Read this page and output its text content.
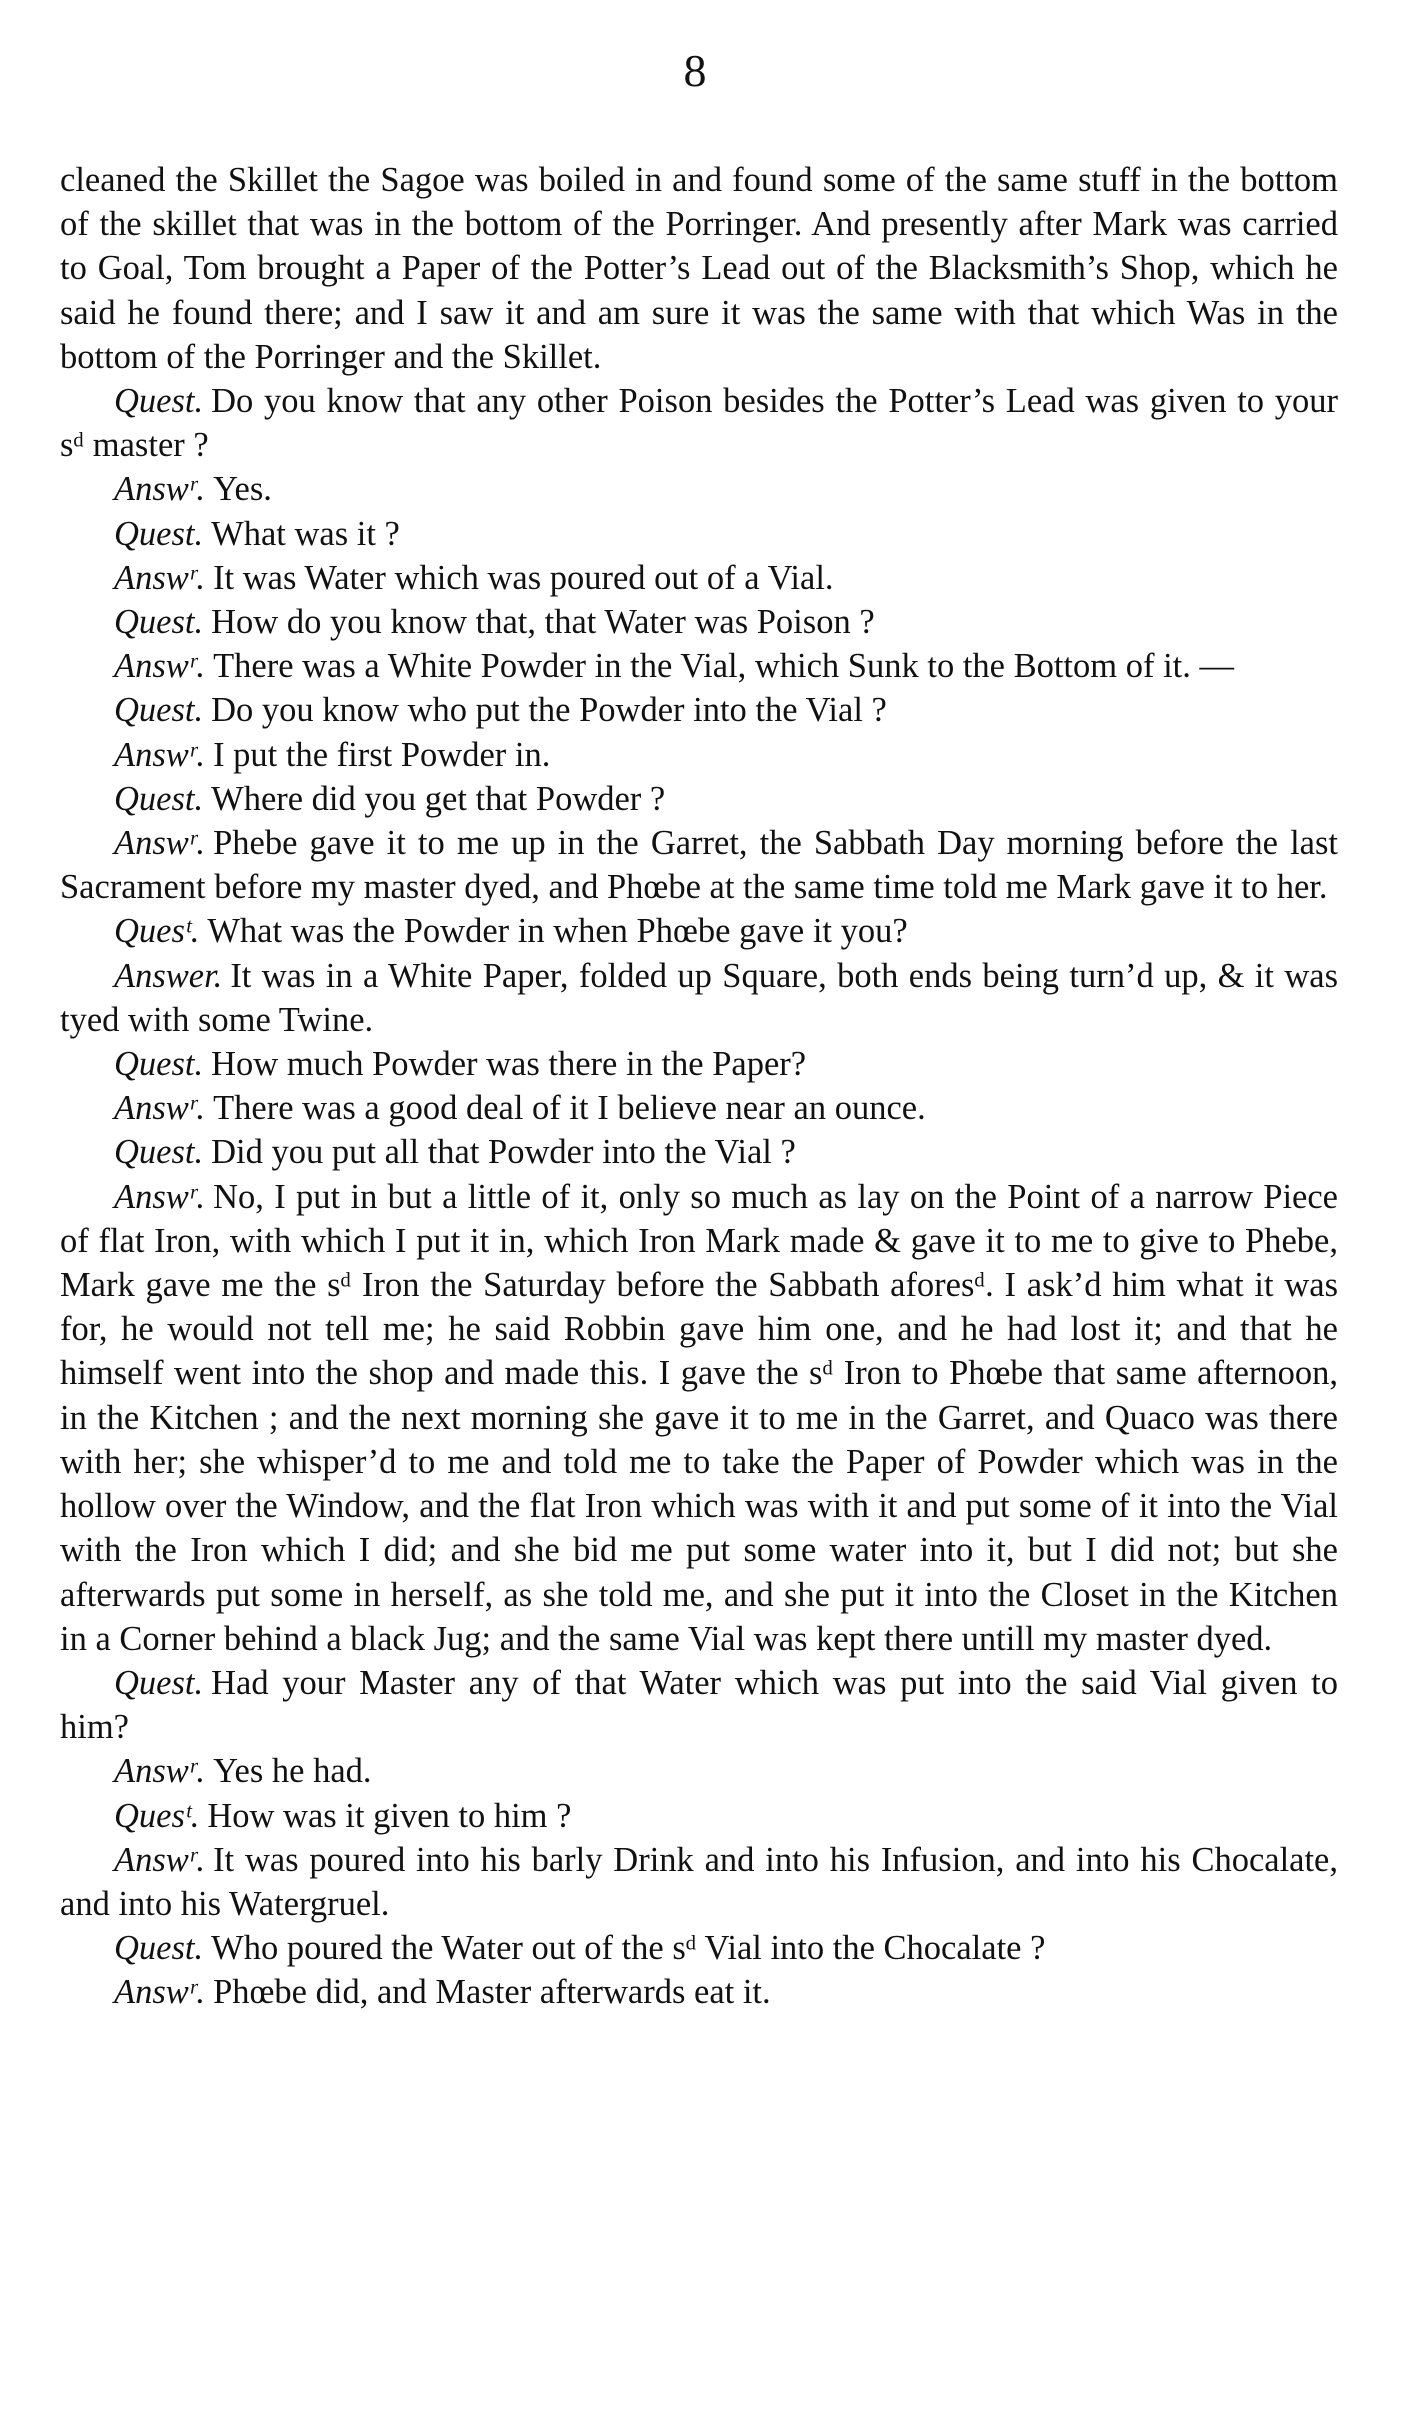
8

cleaned the Skillet the Sagoe was boiled in and found some of the same stuff in the bottom of the skillet that was in the bottom of the Porringer. And presently after Mark was carried to Goal, Tom brought a Paper of the Potter’s Lead out of the Blacksmith’s Shop, which he said he found there; and I saw it and am sure it was the same with that which Was in the bottom of the Porringer and the Skillet.

Quest. Do you know that any other Poison besides the Potter’s Lead was given to your sᵈ master ?

Answʳ. Yes.

Quest. What was it ?

Answʳ. It was Water which was poured out of a Vial.

Quest. How do you know that, that Water was Poison ?

Answʳ. There was a White Powder in the Vial, which Sunk to the Bottom of it. —

Quest. Do you know who put the Powder into the Vial ?

Answʳ. I put the first Powder in.

Quest. Where did you get that Powder ?

Answʳ. Phebe gave it to me up in the Garret, the Sabbath Day morning before the last Sacrament before my master dyed, and Phœbe at the same time told me Mark gave it to her.

Quesᵗ. What was the Powder in when Phœbe gave it you?

Answer. It was in a White Paper, folded up Square, both ends being turn’d up, & it was tyed with some Twine.

Quest. How much Powder was there in the Paper?

Answʳ. There was a good deal of it I believe near an ounce.

Quest. Did you put all that Powder into the Vial ?

Answʳ. No, I put in but a little of it, only so much as lay on the Point of a narrow Piece of flat Iron, with which I put it in, which Iron Mark made & gave it to me to give to Phebe, Mark gave me the sᵈ Iron the Saturday before the Sabbath aforesᵈ. I ask’d him what it was for, he would not tell me; he said Robbin gave him one, and he had lost it; and that he himself went into the shop and made this. I gave the sᵈ Iron to Phœbe that same afternoon, in the Kitchen ; and the next morning she gave it to me in the Garret, and Quaco was there with her; she whisper’d to me and told me to take the Paper of Powder which was in the hollow over the Window, and the flat Iron which was with it and put some of it into the Vial with the Iron which I did; and she bid me put some water into it, but I did not; but she afterwards put some in herself, as she told me, and she put it into the Closet in the Kitchen in a Corner behind a black Jug; and the same Vial was kept there untill my master dyed.

Quest. Had your Master any of that Water which was put into the said Vial given to him?

Answʳ. Yes he had.

Quesᵗ. How was it given to him ?

Answʳ. It was poured into his barly Drink and into his Infusion, and into his Chocalate, and into his Watergruel.

Quest. Who poured the Water out of the sᵈ Vial into the Chocalate ?

Answʳ. Phœbe did, and Master afterwards eat it.
